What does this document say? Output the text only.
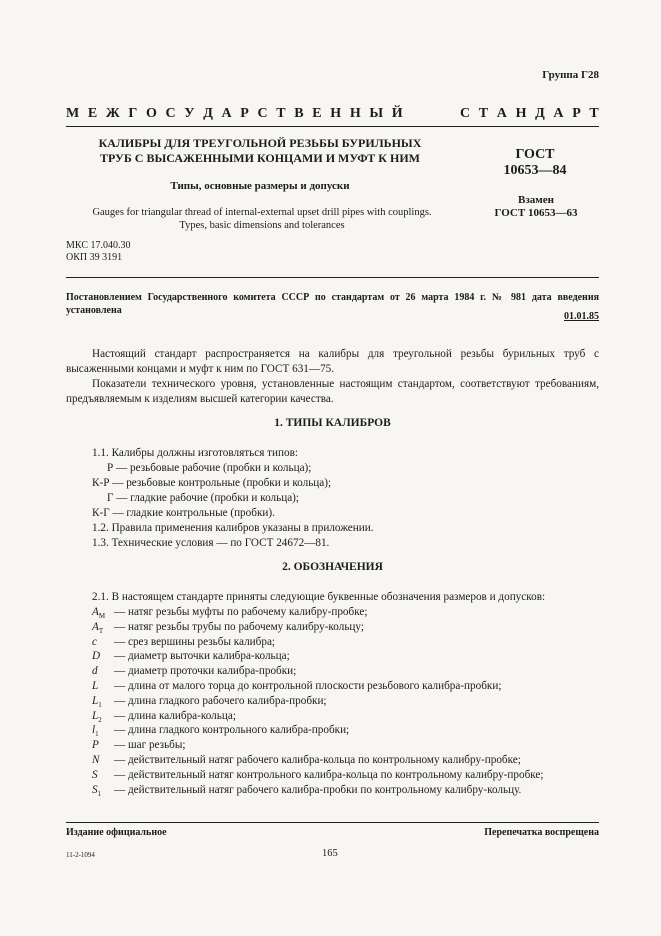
Группа Г28
М Е Ж Г О С У Д А Р С Т В Е Н Н Ы Й	С Т А Н Д А Р Т
КАЛИБРЫ ДЛЯ ТРЕУГОЛЬНОЙ РЕЗЬБЫ БУРИЛЬНЫХ
ТРУБ С ВЫСАЖЕННЫМИ КОНЦАМИ И МУФТ К НИМ	ГОСТ
10653—84
Типы, основные размеры и допуски
Взамен
ГОСТ 10653—63
Gauges for triangular thread of internal-external upset drill pipes with couplings.
Types, basic dimensions and tolerances
МКС 17.040.30
ОКП 39 3191
Постановлением Государственного комитета СССР по стандартам от 26 марта 1984 г. № 981 дата введения установлена
01.01.85

Настоящий стандарт распространяется на калибры для треугольной резьбы бурильных труб с высаженными концами и муфт к ним по ГОСТ 631—75.

Показатели технического уровня, установленные настоящим стандартом, соответствуют требованиям, предъявляемым к изделиям высшей категории качества.

1. ТИПЫ КАЛИБРОВ
1.1. Калибры должны изготовляться типов:
Р — резьбовые рабочие (пробки и кольца);
К-Р — резьбовые контрольные (пробки и кольца);
Г — гладкие рабочие (пробки и кольца);
К-Г — гладкие контрольные (пробки).
1.2. Правила применения калибров указаны в приложении.
1.3. Технические условия — по ГОСТ 24672—81.
2. ОБОЗНАЧЕНИЯ
2.1. В настоящем стандарте приняты следующие буквенные обозначения размеров и допусков:
$A_М$ — натяг резьбы муфты по рабочему калибру-пробке;
$A_Т$ — натяг резьбы трубы по рабочему калибру-кольцу;
c — срез вершины резьбы калибра;
D — диаметр выточки калибра-кольца;
d — диаметр проточки калибра-пробки;
L — длина от малого торца до контрольной плоскости резьбового калибра-пробки;
$L_1$ — длина гладкого рабочего калибра-пробки;
$L_2$ — длина калибра-кольца;
$l_1$ — длина гладкого контрольного калибра-пробки;
P — шаг резьбы;
N — действительный натяг рабочего калибра-кольца по контрольному калибру-пробке;
S — действительный натяг контрольного калибра-кольца по контрольному калибру-пробке;
$S_1$ — действительный натяг рабочего калибра-пробки по контрольному калибру-кольцу.
Издание официальное	Перепечатка воспрещена
11-2-1094	165
